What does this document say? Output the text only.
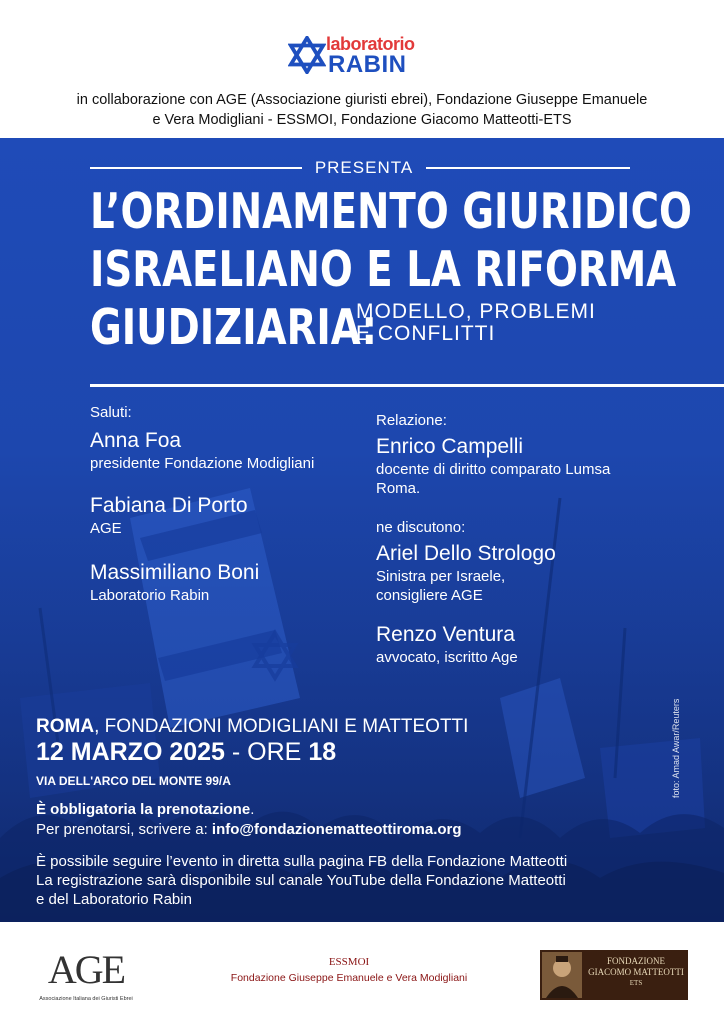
laboratorio
RABIN
in collaborazione con AGE (Associazione giuristi ebrei), Fondazione Giuseppe Emanuele
e Vera Modigliani - ESSMOI, Fondazione Giacomo Matteotti-ETS
PRESENTA
L’ORDINAMENTO GIURIDICO
ISRAELIANO E LA RIFORMA
GIUDIZIARIA:
MODELLO, PROBLEMI
E CONFLITTI
Saluti:
Anna Foa
presidente Fondazione Modigliani
Fabiana Di Porto
AGE
Massimiliano Boni
Laboratorio Rabin
Relazione:
Enrico Campelli
docente di diritto comparato Lumsa
Roma.
ne discutono:
Ariel Dello Strologo
Sinistra per Israele,
consigliere AGE
Renzo Ventura
avvocato, iscritto Age
ROMA, FONDAZIONI MODIGLIANI E MATTEOTTI
12 MARZO 2025 - ORE 18
VIA DELL'ARCO DEL MONTE 99/A
È obbligatoria la prenotazione.
Per prenotarsi, scrivere a: info@fondazionematteottiroma.org
È possibile seguire l’evento in diretta sulla pagina FB della Fondazione Matteotti
La registrazione sarà disponibile sul canale YouTube della Fondazione Matteotti
e del Laboratorio Rabin
foto: Amad Awar/Reuters
AGE
Associazione Italiana dei Giuristi Ebrei
ESSMOI
Fondazione Giuseppe Emanuele e Vera Modigliani
FONDAZIONE
GIACOMO MATTEOTTI
ETS
